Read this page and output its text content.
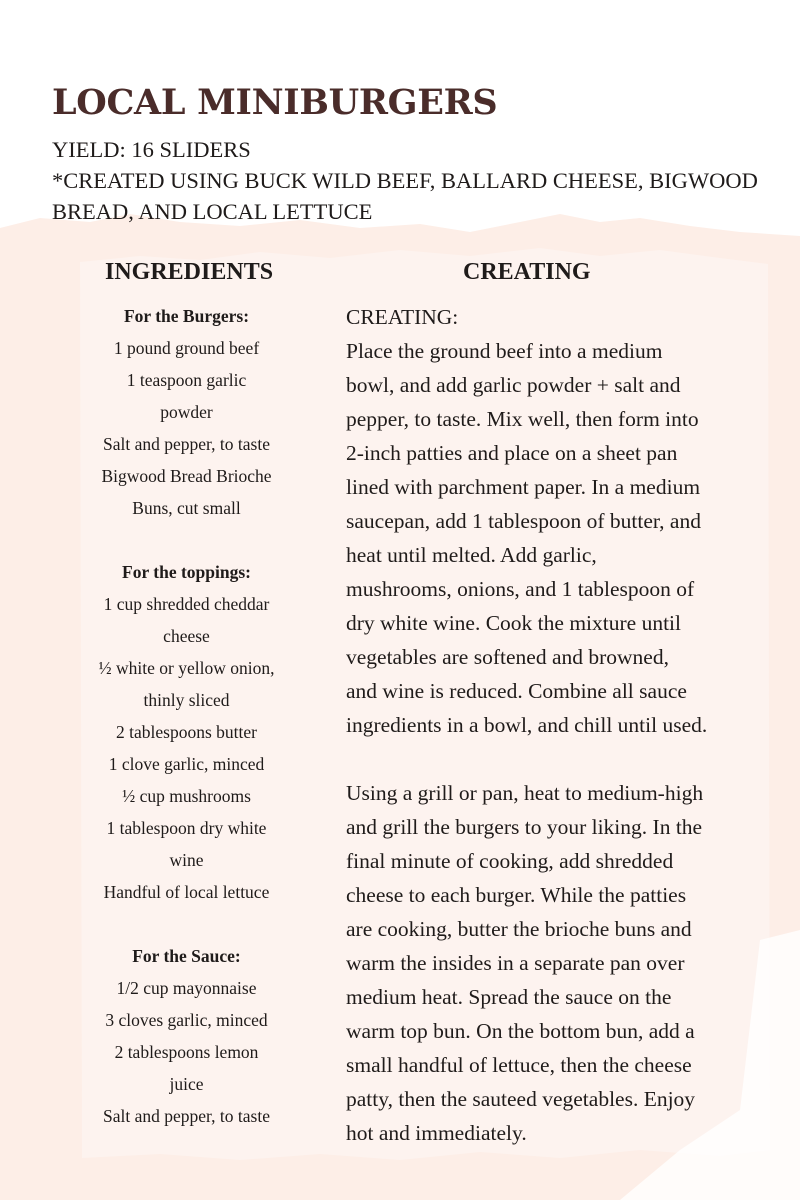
LOCAL MINIBURGERS
YIELD: 16 SLIDERS
*CREATED USING BUCK WILD BEEF, BALLARD CHEESE, BIGWOOD
BREAD, AND LOCAL LETTUCE
INGREDIENTS	CREATING
For the Burgers:
1 pound ground beef
1 teaspoon garlic
powder
Salt and pepper, to taste
Bigwood Bread Brioche
Buns, cut small
For the toppings:
1 cup shredded cheddar
cheese
½ white or yellow onion,
thinly sliced
2 tablespoons butter
1 clove garlic, minced
½ cup mushrooms
1 tablespoon dry white
wine
Handful of local lettuce
For the Sauce:
1/2 cup mayonnaise
3 cloves garlic, minced
2 tablespoons lemon
juice
Salt and pepper, to taste
CREATING:
Place the ground beef into a medium
bowl, and add garlic powder + salt and
pepper, to taste. Mix well, then form into
2-inch patties and place on a sheet pan
lined with parchment paper. In a medium
saucepan, add 1 tablespoon of butter, and
heat until melted. Add garlic,
mushrooms, onions, and 1 tablespoon of
dry white wine. Cook the mixture until
vegetables are softened and browned,
and wine is reduced. Combine all sauce
ingredients in a bowl, and chill until used.
Using a grill or pan, heat to medium-high
and grill the burgers to your liking. In the
final minute of cooking, add shredded
cheese to each burger. While the patties
are cooking, butter the brioche buns and
warm the insides in a separate pan over
medium heat. Spread the sauce on the
warm top bun. On the bottom bun, add a
small handful of lettuce, then the cheese
patty, then the sauteed vegetables. Enjoy
hot and immediately.
